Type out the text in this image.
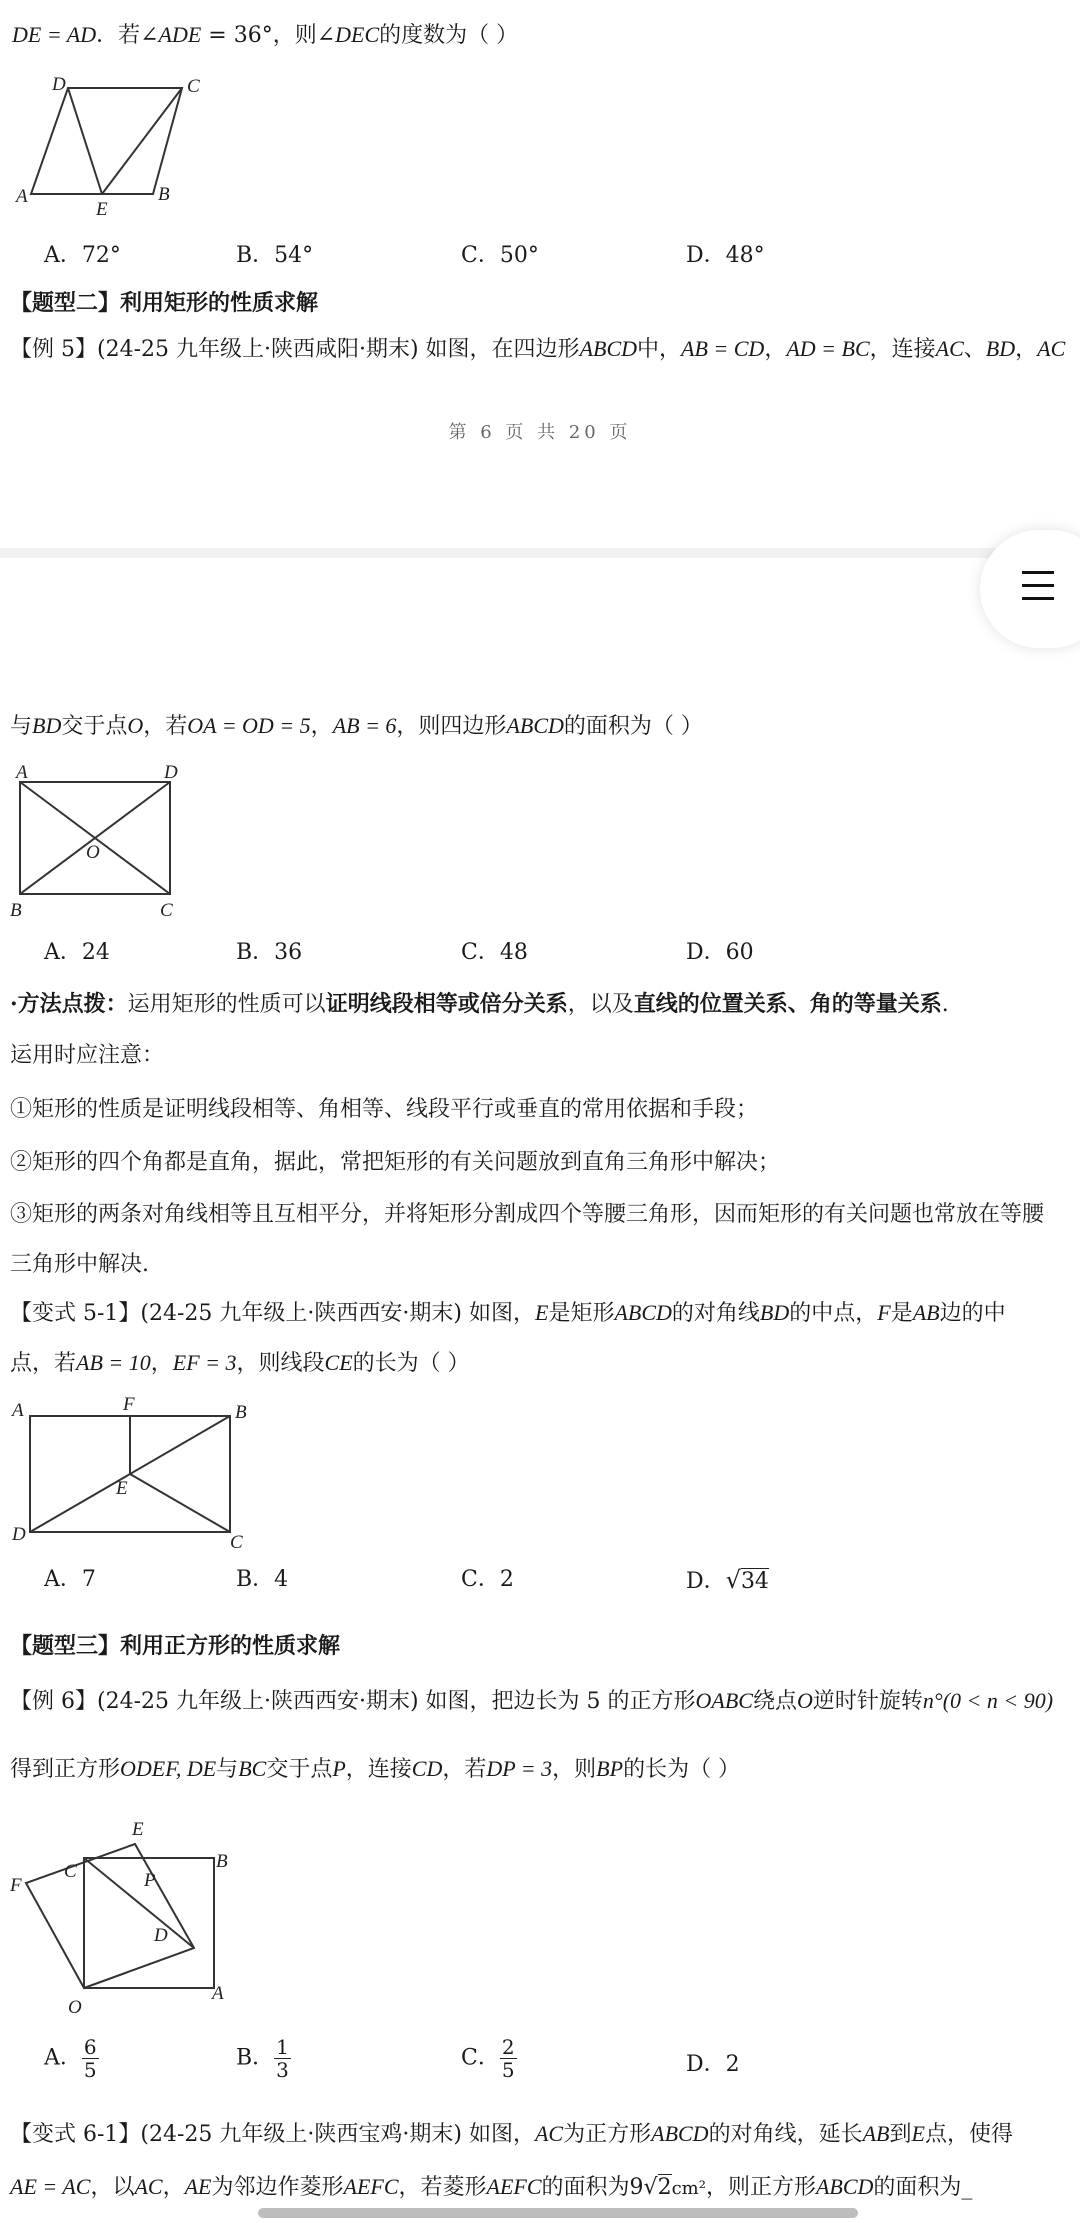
DE = AD．若∠ADE = 36°，则∠DEC的度数为（ ）
D	C
A
E
B
A．72°	B．54°	C．50°	D．48°
【题型二】利用矩形的性质求解
【例 5】(24-25 九年级上·陕西咸阳·期末) 如图，在四边形ABCD中，AB = CD，AD = BC，连接AC、BD，AC
第 6 页 共 20 页
与BD交于点O，若OA = OD = 5，AB = 6，则四边形ABCD的面积为（ ）
A	D
O
B	C
A．24	B．36	C．48	D．60
·方法点拨：运用矩形的性质可以证明线段相等或倍分关系，以及直线的位置关系、角的等量关系.
运用时应注意：
①矩形的性质是证明线段相等、角相等、线段平行或垂直的常用依据和手段；
②矩形的四个角都是直角，据此，常把矩形的有关问题放到直角三角形中解决；
③矩形的两条对角线相等且互相平分，并将矩形分割成四个等腰三角形，因而矩形的有关问题也常放在等腰
三角形中解决.
【变式 5-1】(24-25 九年级上·陕西西安·期末) 如图，E是矩形ABCD的对角线BD的中点，F是AB边的中
点，若AB = 10，EF = 3，则线段CE的长为（ ）
A	F	B
E
D	C
A．7	B．4	C．2	D．√34
【题型三】利用正方形的性质求解
【例 6】(24-25 九年级上·陕西西安·期末) 如图，把边长为 5 的正方形OABC绕点O逆时针旋转n°(0 < n < 90)
得到正方形ODEF, DE与BC交于点P，连接CD，若DP = 3，则BP的长为（ ）
E
F
C	P
B
D
O
A
A． $\frac{6}{5}$	B． $\frac{1}{3}$	C． $\frac{2}{5}$	D．2
【变式 6-1】(24-25 九年级上·陕西宝鸡·期末) 如图，AC为正方形ABCD的对角线，延长AB到E点，使得
AE = AC，以AC，AE为邻边作菱形AEFC，若菱形AEFC的面积为9√2cm²，则正方形ABCD的面积为_
